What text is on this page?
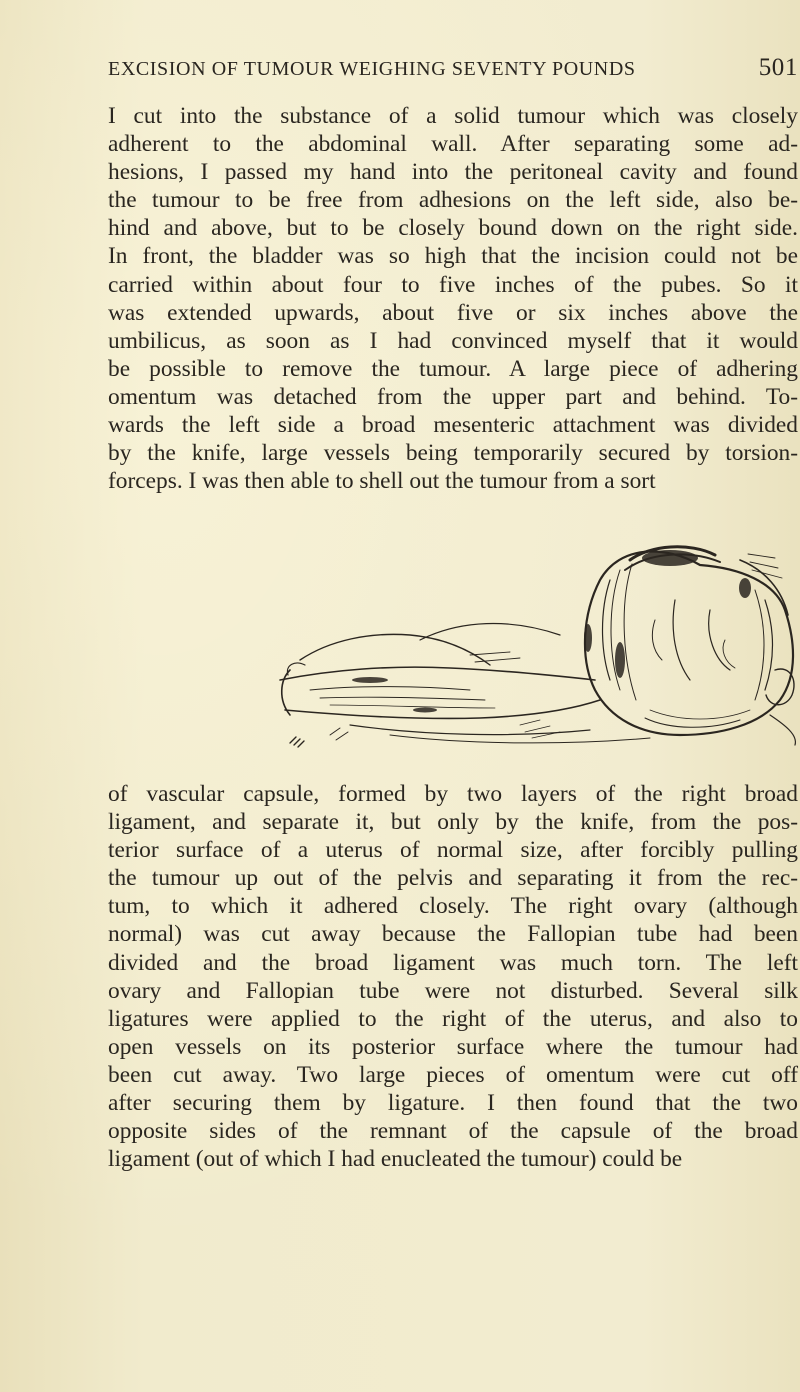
EXCISION OF TUMOUR WEIGHING SEVENTY POUNDS	501
I cut into the substance of a solid tumour which was closely
adherent to the abdominal wall. After separating some ad-
hesions, I passed my hand into the peritoneal cavity and found
the tumour to be free from adhesions on the left side, also be-
hind and above, but to be closely bound down on the right side.
In front, the bladder was so high that the incision could not be
carried within about four to five inches of the pubes. So it
was extended upwards, about five or six inches above the
umbilicus, as soon as I had convinced myself that it would
be possible to remove the tumour. A large piece of adhering
omentum was detached from the upper part and behind. To-
wards the left side a broad mesenteric attachment was divided
by the knife, large vessels being temporarily secured by torsion-
forceps. I was then able to shell out the tumour from a sort
of vascular capsule, formed by two layers of the right broad
ligament, and separate it, but only by the knife, from the pos-
terior surface of a uterus of normal size, after forcibly pulling
the tumour up out of the pelvis and separating it from the rec-
tum, to which it adhered closely. The right ovary (although
normal) was cut away because the Fallopian tube had been
divided and the broad ligament was much torn. The left
ovary and Fallopian tube were not disturbed. Several silk
ligatures were applied to the right of the uterus, and also to
open vessels on its posterior surface where the tumour had
been cut away. Two large pieces of omentum were cut off
after securing them by ligature. I then found that the two
opposite sides of the remnant of the capsule of the broad
ligament (out of which I had enucleated the tumour) could be
